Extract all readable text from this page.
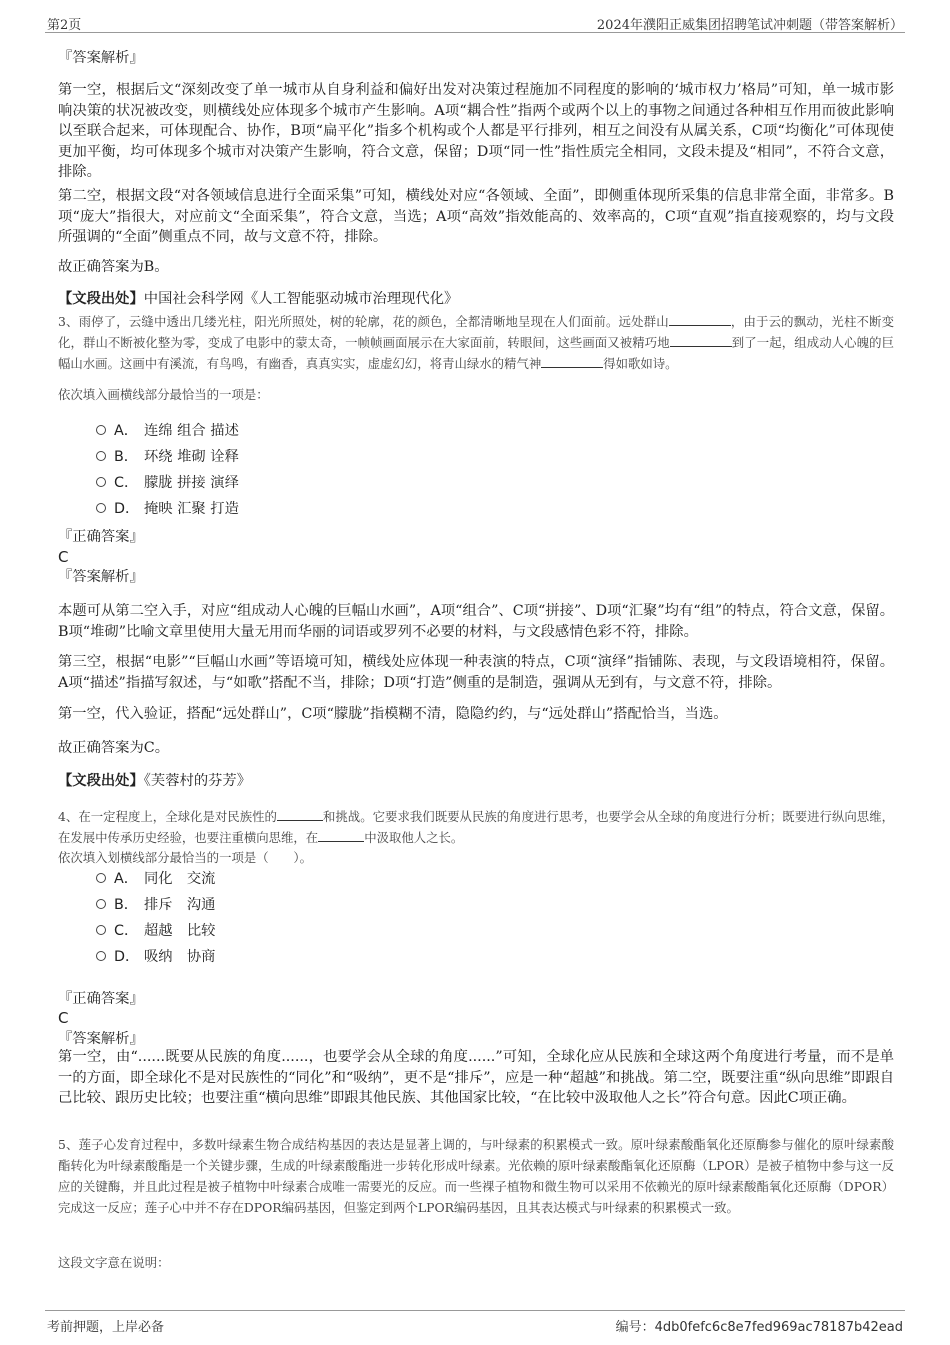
第2页	2024年濮阳正威集团招聘笔试冲刺题（带答案解析）
『答案解析』

第一空，根据后文“深刻改变了单一城市从自身利益和偏好出发对决策过程施加不同程度的影响的‘城市权力’格局”可知，单一城市影响决策的状况被改变，则横线处应体现多个城市产生影响。A项“耦合性”指两个或两个以上的事物之间通过各种相互作用而彼此影响以至联合起来，可体现配合、协作，B项“扁平化”指多个机构或个人都是平行排列，相互之间没有从属关系，C项“均衡化”可体现使更加平衡，均可体现多个城市对决策产生影响，符合文意，保留；D项“同一性”指性质完全相同，文段未提及“相同”，不符合文意，排除。

第二空，根据文段“对各领域信息进行全面采集”可知，横线处对应“各领域、全面”，即侧重体现所采集的信息非常全面，非常多。B项“庞大”指很大，对应前文“全面采集”，符合文意，当选；A项“高效”指效能高的、效率高的，C项“直观”指直接观察的，均与文段所强调的“全面”侧重点不同，故与文意不符，排除。

故正确答案为B。

【文段出处】中国社会科学网《人工智能驱动城市治理现代化》

3、雨停了，云缝中透出几缕光柱，阳光所照处，树的轮廓，花的颜色，全都清晰地呈现在人们面前。远处群山	，由于云的飘动，光柱不断变化，群山不断被化整为零，变成了电影中的蒙太奇，一帧帧画面展示在大家面前，转眼间，这些画面又被精巧地	到了一起，组成动人心魄的巨幅山水画。这画中有溪流，有鸟鸣，有幽香，真真实实，虚虚幻幻，将青山绿水的精气神	得如歌如诗。

依次填入画横线部分最恰当的一项是：

A． 连绵 组合 描述
B． 环绕 堆砌 诠释
C． 朦胧 拼接 演绎
D． 掩映 汇聚 打造
『正确答案』
C
『答案解析』

本题可从第二空入手，对应“组成动人心魄的巨幅山水画”，A项“组合”、C项“拼接”、D项“汇聚”均有“组”的特点，符合文意，保留。B项“堆砌”比喻文章里使用大量无用而华丽的词语或罗列不必要的材料，与文段感情色彩不符，排除。

第三空，根据“电影”“巨幅山水画”等语境可知，横线处应体现一种表演的特点，C项“演绎”指铺陈、表现，与文段语境相符，保留。A项“描述”指描写叙述，与“如歌”搭配不当，排除；D项“打造”侧重的是制造，强调从无到有，与文意不符，排除。

第一空，代入验证，搭配“远处群山”，C项“朦胧”指模糊不清，隐隐约约，与“远处群山”搭配恰当，当选。

故正确答案为C。

【文段出处】《芙蓉村的芬芳》

4、在一定程度上，全球化是对民族性的	和挑战。它要求我们既要从民族的角度进行思考，也要学会从全球的角度进行分析；既要进行纵向思维，在发展中传承历史经验，也要注重横向思维，在	中汲取他人之长。

依次填入划横线部分最恰当的一项是（　　）。

A． 同化　交流
B． 排斥　沟通
C． 超越　比较
D． 吸纳　协商
『正确答案』
C
『答案解析』

第一空，由“......既要从民族的角度......，也要学会从全球的角度......”可知，全球化应从民族和全球这两个角度进行考量，而不是单一的方面，即全球化不是对民族性的“同化”和“吸纳”，更不是“排斥”，应是一种“超越”和挑战。第二空，既要注重“纵向思维”即跟自己比较、跟历史比较；也要注重“横向思维”即跟其他民族、其他国家比较，“在比较中汲取他人之长”符合句意。因此C项正确。

5、莲子心发育过程中，多数叶绿素生物合成结构基因的表达是显著上调的，与叶绿素的积累模式一致。原叶绿素酸酯氧化还原酶参与催化的原叶绿素酸酯转化为叶绿素酸酯是一个关键步骤，生成的叶绿素酸酯进一步转化形成叶绿素。光依赖的原叶绿素酸酯氧化还原酶（LPOR）是被子植物中参与这一反应的关键酶，并且此过程是被子植物中叶绿素合成唯一需要光的反应。而一些裸子植物和微生物可以采用不依赖光的原叶绿素酸酯氧化还原酶（DPOR）完成这一反应；莲子心中并不存在DPOR编码基因，但鉴定到两个LPOR编码基因，且其表达模式与叶绿素的积累模式一致。

这段文字意在说明：

考前押题，上岸必备	编号：4db0fefc6c8e7fed969ac78187b42ead
